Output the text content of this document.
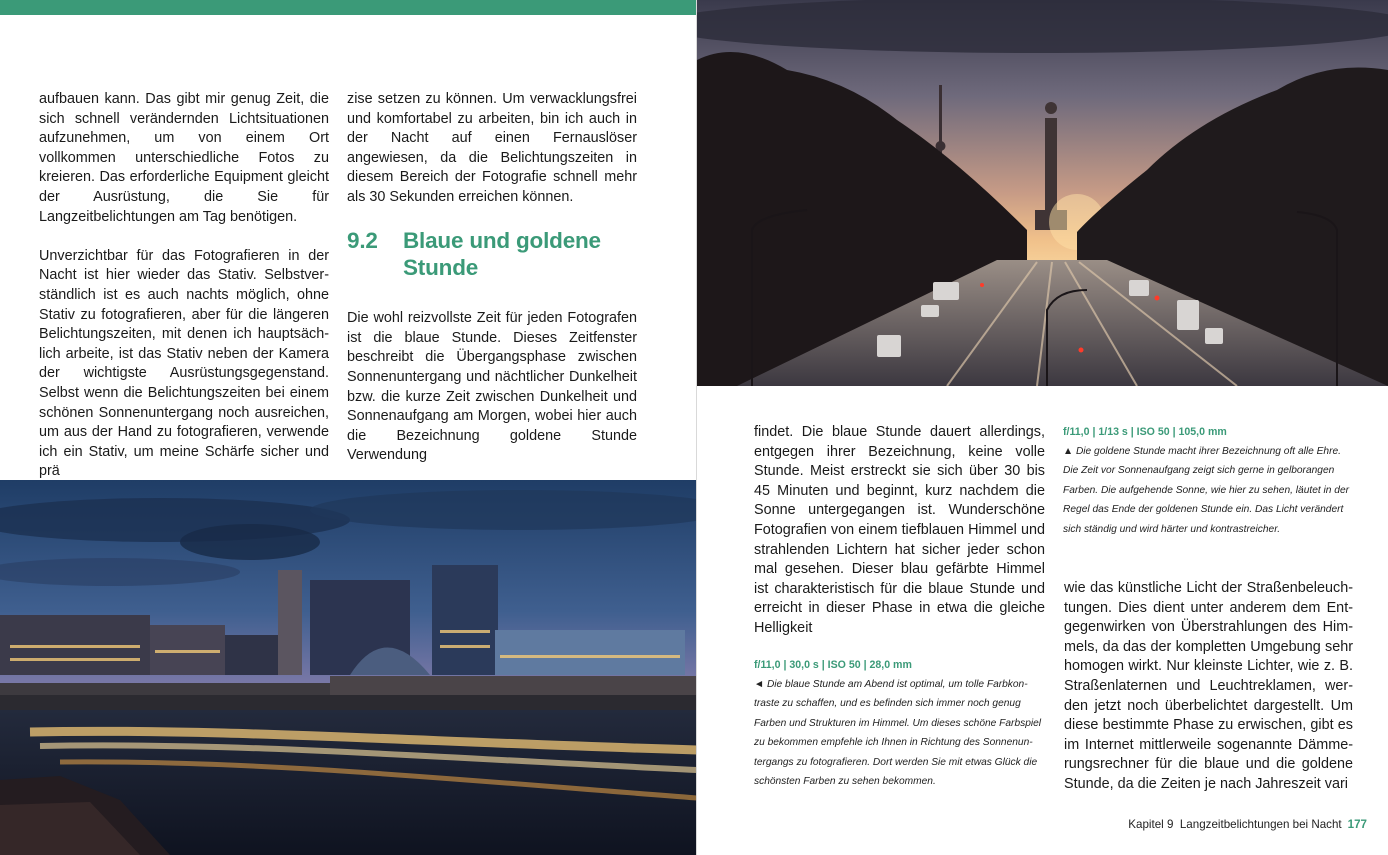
aufbauen kann. Das gibt mir genug Zeit, die sich schnell verändernden Lichtsituationen aufzunehmen, um von einem Ort vollkommen unterschiedliche Fotos zu kreieren. Das erforderliche Equipment gleicht der Ausrüstung, die Sie für Langzeitbelichtungen am Tag benötigen.

Unverzichtbar für das Fotografieren in der Nacht ist hier wieder das Stativ. Selbstverständlich ist es auch nachts möglich, ohne Stativ zu fotografieren, aber für die längeren Belichtungszeiten, mit denen ich hauptsächlich arbeite, ist das Stativ neben der Kamera der wichtigste Ausrüstungsgegenstand. Selbst wenn die Belichtungszeiten bei einem schönen Sonnenuntergang noch ausreichen, um aus der Hand zu fotografieren, verwende ich ein Stativ, um meine Schärfe sicher und prä

zise setzen zu können. Um verwacklungsfrei und komfortabel zu arbeiten, bin ich auch in der Nacht auf einen Fernauslöser angewiesen, da die Belichtungszeiten in diesem Bereich der Fotografie schnell mehr als 30 Sekunden erreichen können.

9.2	Blaue und goldene Stunde

Die wohl reizvollste Zeit für jeden Fotografen ist die blaue Stunde. Dieses Zeitfenster beschreibt die Übergangsphase zwischen Sonnenuntergang und nächtlicher Dunkelheit bzw. die kurze Zeit zwischen Dunkelheit und Sonnenaufgang am Morgen, wobei hier auch die Bezeichnung goldene Stunde Verwendung

findet. Die blaue Stunde dauert allerdings, entgegen ihrer Bezeichnung, keine volle Stunde. Meist erstreckt sie sich über 30 bis 45 Minuten und beginnt, kurz nachdem die Sonne untergegangen ist. Wunderschöne Fotografien von einem tiefblauen Himmel und strahlenden Lichtern hat sicher jeder schon mal gesehen. Dieser blau gefärbte Himmel ist charakteristisch für die blaue Stunde und erreicht in dieser Phase in etwa die gleiche Helligkeit

f/11,0 | 30,0 s | ISO 50 | 28,0 mm
◄ Die blaue Stunde am Abend ist optimal, um tolle Farbkontraste zu schaffen, und es befinden sich immer noch genug Farben und Strukturen im Himmel. Um dieses schöne Farbspiel zu bekommen empfehle ich Ihnen in Richtung des Sonnenuntergangs zu fotografieren. Dort werden Sie mit etwas Glück die schönsten Farben zu sehen bekommen.
f/11,0 | 1/13 s | ISO 50 | 105,0 mm
▲ Die goldene Stunde macht ihrer Bezeichnung oft alle Ehre. Die Zeit vor Sonnenaufgang zeigt sich gerne in gelborangen Farben. Die aufgehende Sonne, wie hier zu sehen, läutet in der Regel das Ende der goldenen Stunde ein. Das Licht verändert sich ständig und wird härter und kontrastreicher.

wie das künstliche Licht der Straßenbeleuchtungen. Dies dient unter anderem dem Entgegenwirken von Überstrahlungen des Himmels, da das der kompletten Umgebung sehr homogen wirkt. Nur kleinste Lichter, wie z. B. Straßenlaternen und Leuchtreklamen, werden jetzt noch überbelichtet dargestellt. Um diese bestimmte Phase zu erwischen, gibt es im Internet mittlerweile sogenannte Dämmerungsrechner für die blaue und die goldene Stunde, da die Zeiten je nach Jahreszeit vari

Kapitel 9 Langzeitbelichtungen bei Nacht 177
